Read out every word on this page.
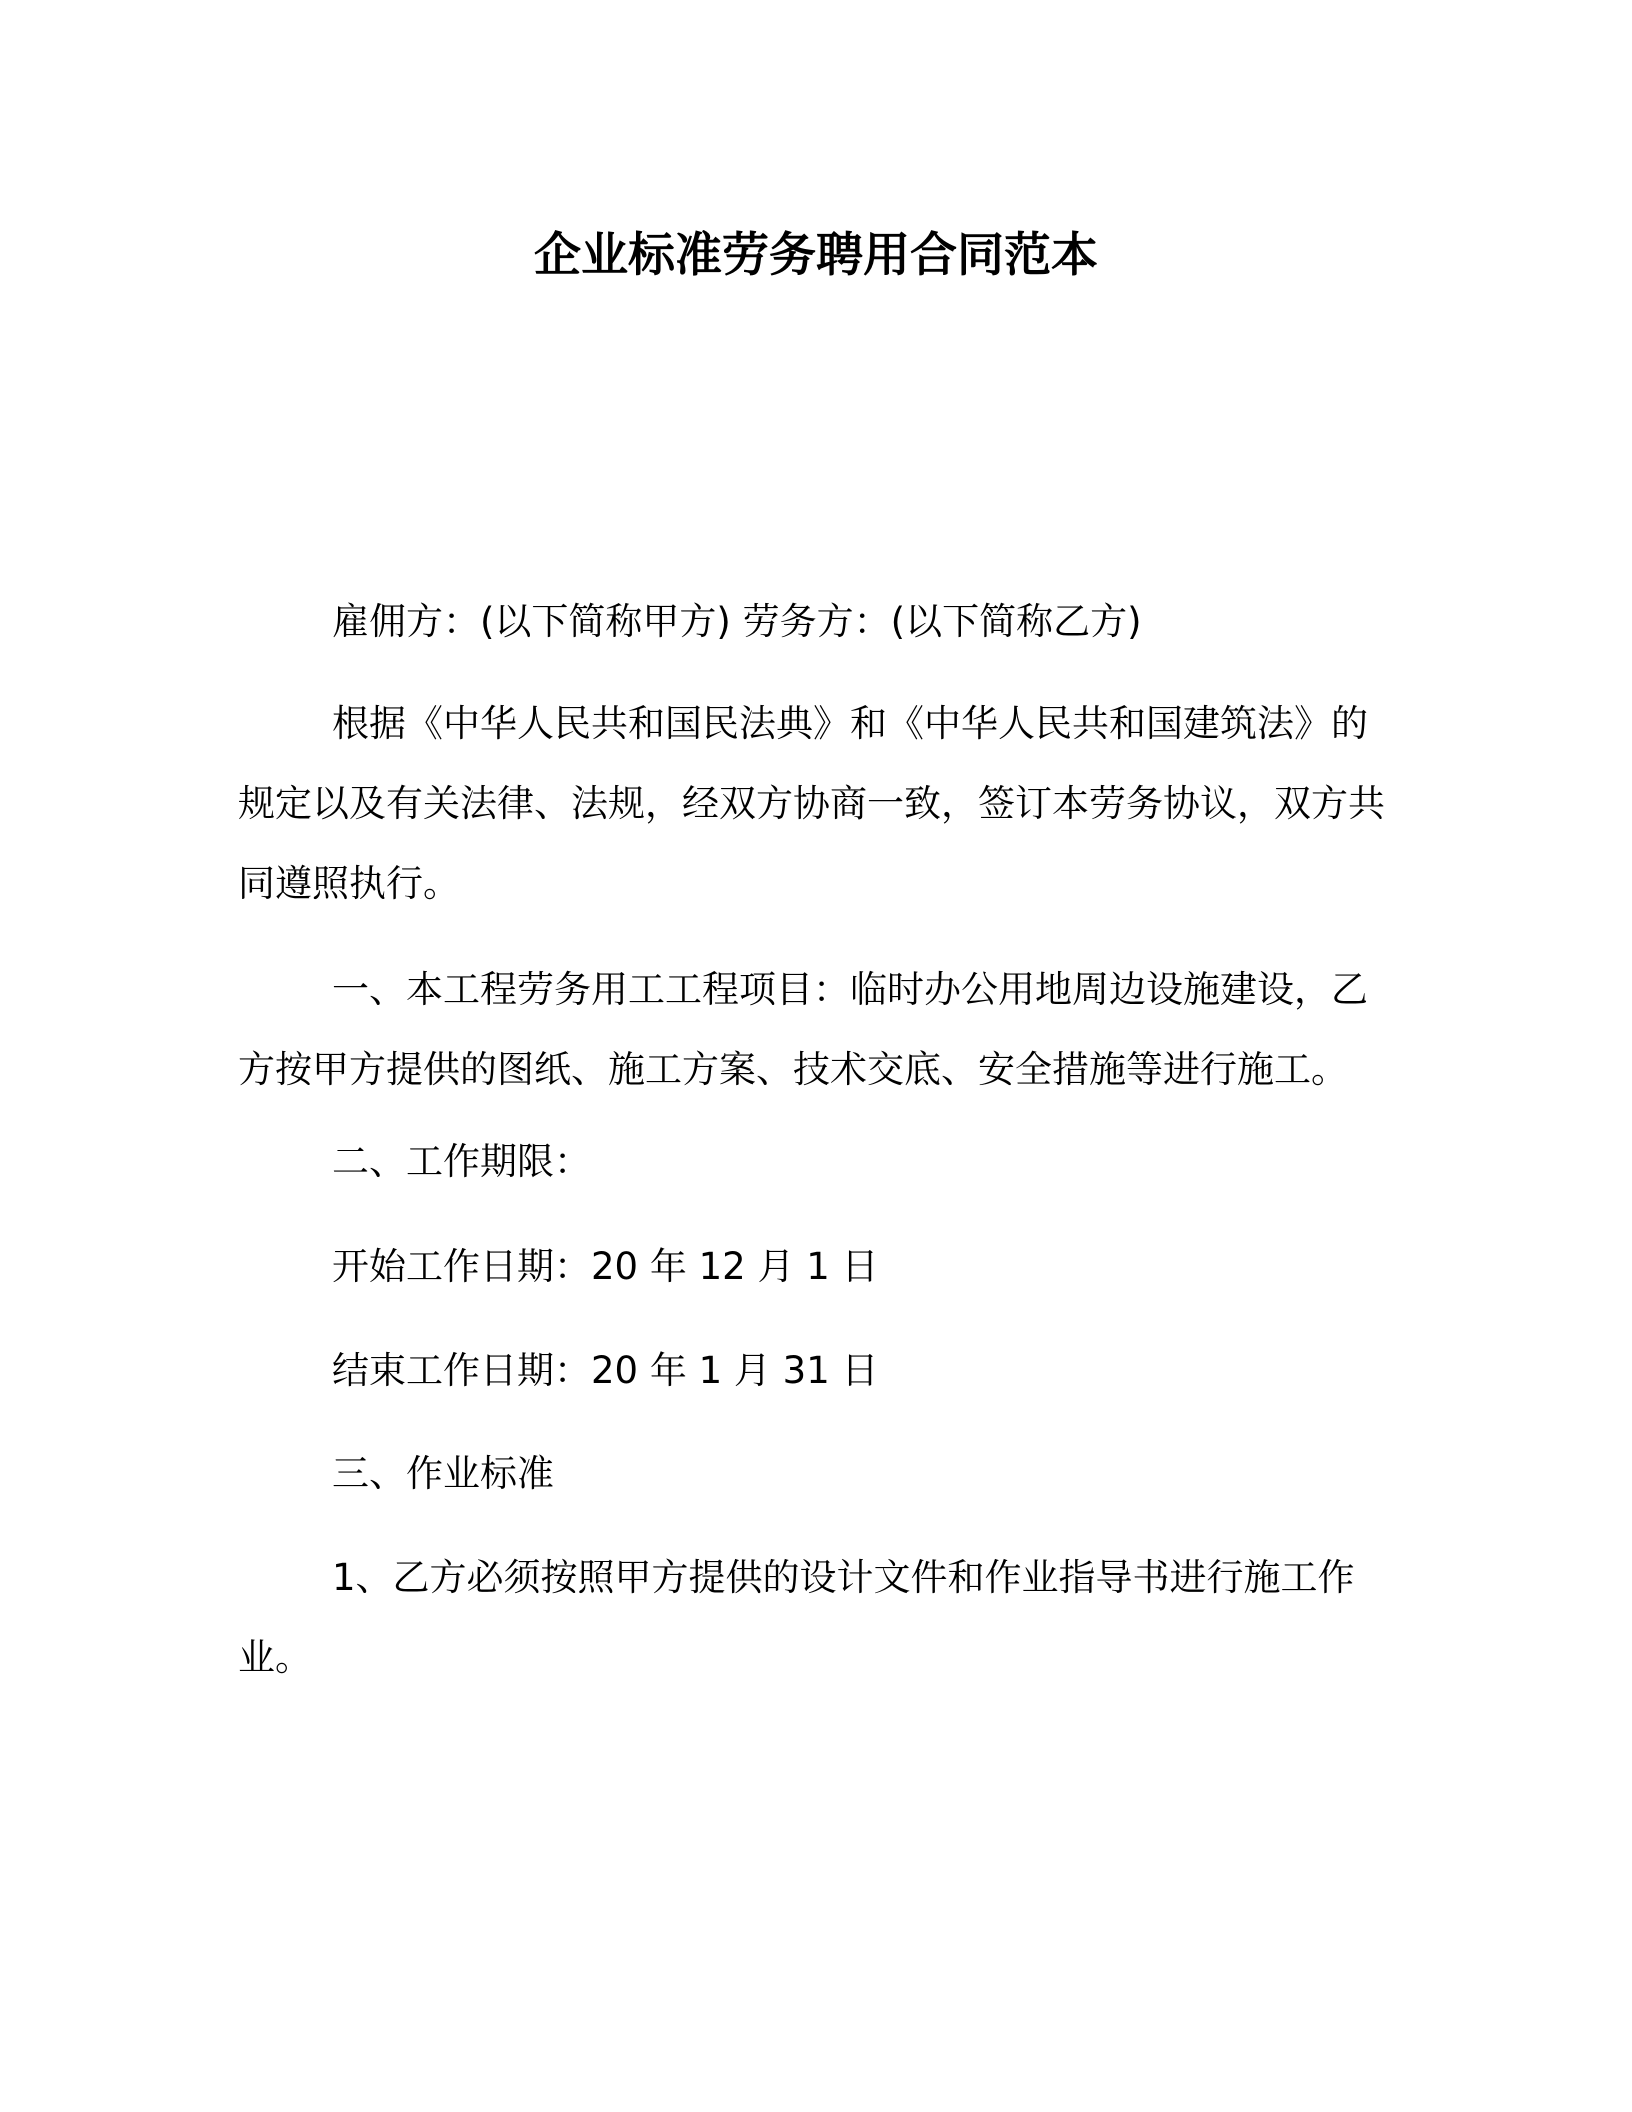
企业标准劳务聘用合同范本
雇佣方：(以下简称甲方) 劳务方：(以下简称乙方)
根据《中华人民共和国民法典》和《中华人民共和国建筑法》的规定以及有关法律、法规，经双方协商一致，签订本劳务协议，双方共同遵照执行。
一、本工程劳务用工工程项目：临时办公用地周边设施建设，乙方按甲方提供的图纸、施工方案、技术交底、安全措施等进行施工。
二、工作期限：
开始工作日期：20 年 12 月 1 日
结束工作日期：20 年 1 月 31 日
三、作业标准
1、乙方必须按照甲方提供的设计文件和作业指导书进行施工作业。
